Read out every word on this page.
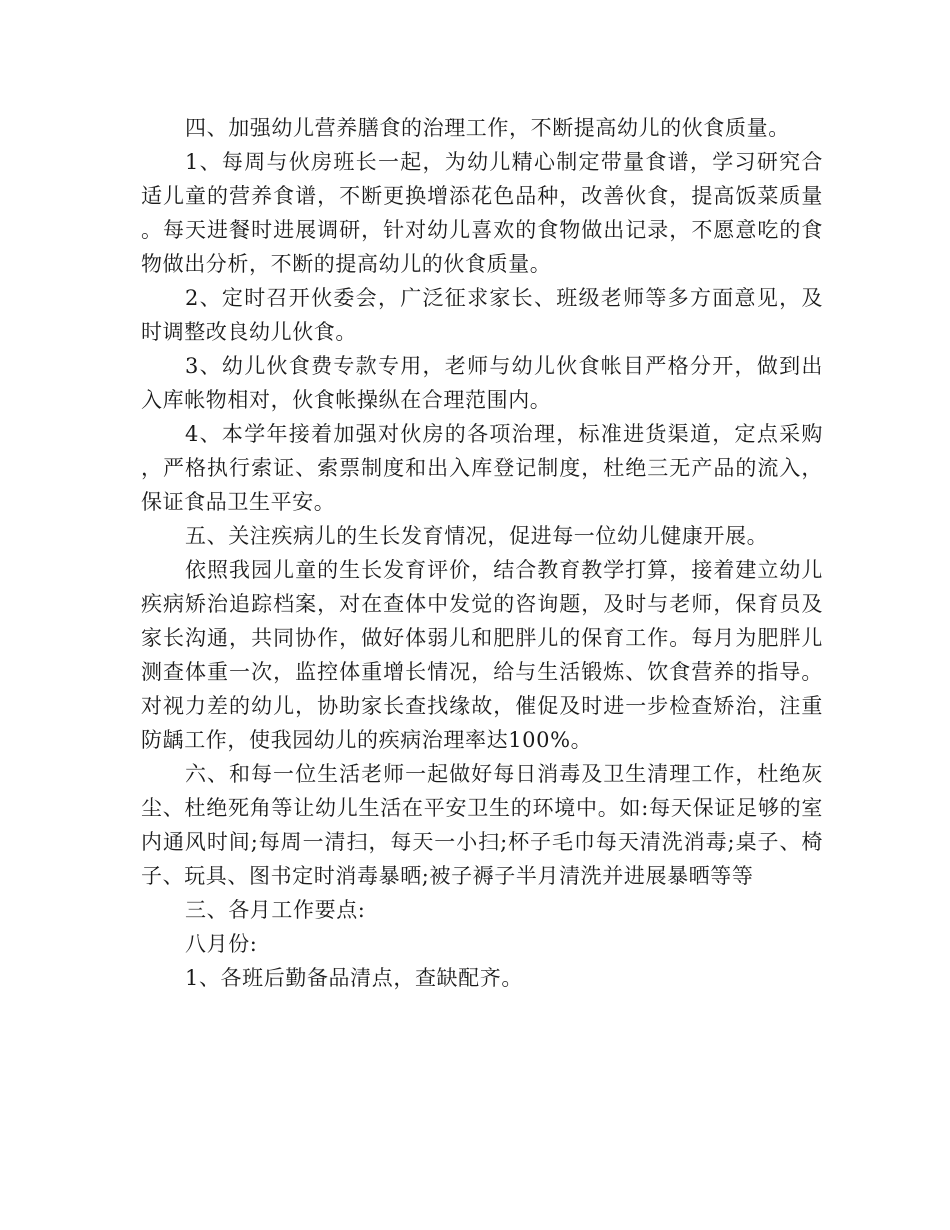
四、加强幼儿营养膳食的治理工作，不断提高幼儿的伙食质量。

1、每周与伙房班长一起，为幼儿精心制定带量食谱，学习研究合适儿童的营养食谱，不断更换增添花色品种，改善伙食，提高饭菜质量。每天进餐时进展调研，针对幼儿喜欢的食物做出记录，不愿意吃的食物做出分析，不断的提高幼儿的伙食质量。

2、定时召开伙委会，广泛征求家长、班级老师等多方面意见，及时调整改良幼儿伙食。

3、幼儿伙食费专款专用，老师与幼儿伙食帐目严格分开，做到出入库帐物相对，伙食帐操纵在合理范围内。

4、本学年接着加强对伙房的各项治理，标准进货渠道，定点采购，严格执行索证、索票制度和出入库登记制度，杜绝三无产品的流入，保证食品卫生平安。

五、关注疾病儿的生长发育情况，促进每一位幼儿健康开展。

依照我园儿童的生长发育评价，结合教育教学打算，接着建立幼儿疾病矫治追踪档案，对在查体中发觉的咨询题，及时与老师，保育员及家长沟通，共同协作，做好体弱儿和肥胖儿的保育工作。每月为肥胖儿测查体重一次，监控体重增长情况，给与生活锻炼、饮食营养的指导。对视力差的幼儿，协助家长查找缘故，催促及时进一步检查矫治，注重防龋工作，使我园幼儿的疾病治理率达100%。

六、和每一位生活老师一起做好每日消毒及卫生清理工作，杜绝灰尘、杜绝死角等让幼儿生活在平安卫生的环境中。如:每天保证足够的室内通风时间;每周一清扫，每天一小扫;杯子毛巾每天清洗消毒;桌子、椅子、玩具、图书定时消毒暴晒;被子褥子半月清洗并进展暴晒等等

三、各月工作要点:

八月份:

1、各班后勤备品清点，查缺配齐。
